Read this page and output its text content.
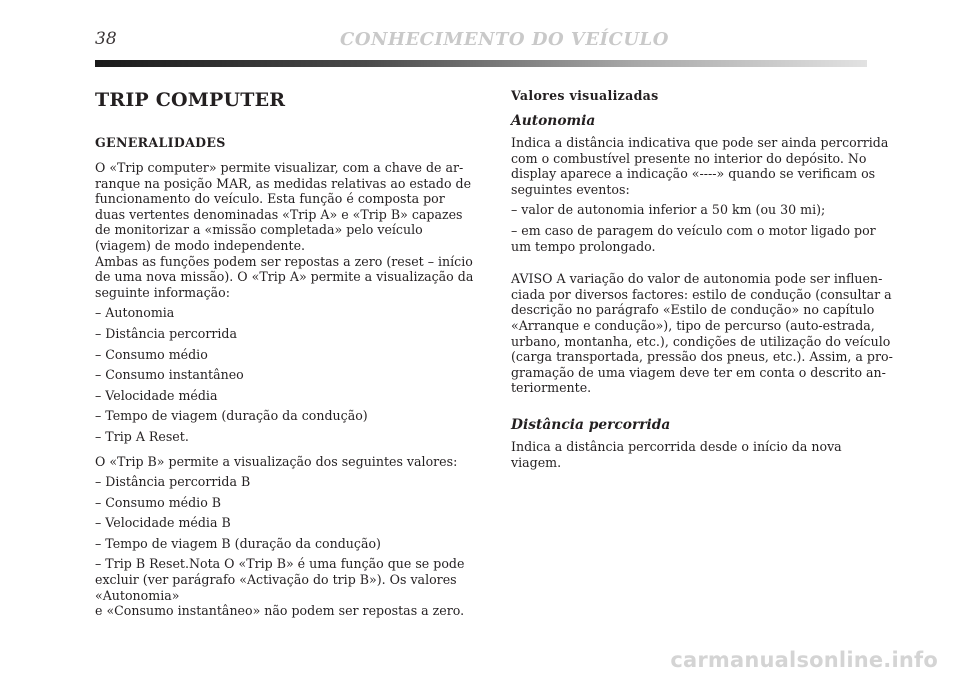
38	CONHECIMENTO DO VEÍCULO
TRIP COMPUTER
GENERALIDADES

O «Trip computer» permite visualizar, com a chave de arranque na posição MAR, as medidas relativas ao estado de funcionamento do veículo. Esta função é composta por duas vertentes denominadas «Trip A» e «Trip B» capazes de monitorizar a «missão completada» pelo veículo (viagem) de modo independente.

Ambas as funções podem ser repostas a zero (reset – início de uma nova missão). O «Trip A» permite a visualização da seguinte informação:

– Autonomia

– Distância percorrida

– Consumo médio

– Consumo instantâneo

– Velocidade média

– Tempo de viagem (duração da condução)

– Trip A Reset.

O «Trip B» permite a visualização dos seguintes valores:

– Distância percorrida B

– Consumo médio B

– Velocidade média B

– Tempo de viagem B (duração da condução)

– Trip B Reset.Nota O «Trip B» é uma função que se pode excluir (ver parágrafo «Activação do trip B»). Os valores «Autonomia»

e «Consumo instantâneo» não podem ser repostas a zero.

Valores visualizadas
Autonomia

Indica a distância indicativa que pode ser ainda percorrida com o combustível presente no interior do depósito. No display aparece a indicação «----» quando se verificam os seguintes eventos:

– valor de autonomia inferior a 50 km (ou 30 mi);

– em caso de paragem do veículo com o motor ligado por um tempo prolongado.

AVISO A variação do valor de autonomia pode ser influenciada por diversos factores: estilo de condução (consultar a descrição no parágrafo «Estilo de condução» no capítulo «Arranque e condução»), tipo de percurso (auto-estrada, urbano, montanha, etc.), condições de utilização do veículo (carga transportada, pressão dos pneus, etc.). Assim, a programação de uma viagem deve ter em conta o descrito anteriormente.

Distância percorrida

Indica a distância percorrida desde o início da nova viagem.

carmanualsonline.info
